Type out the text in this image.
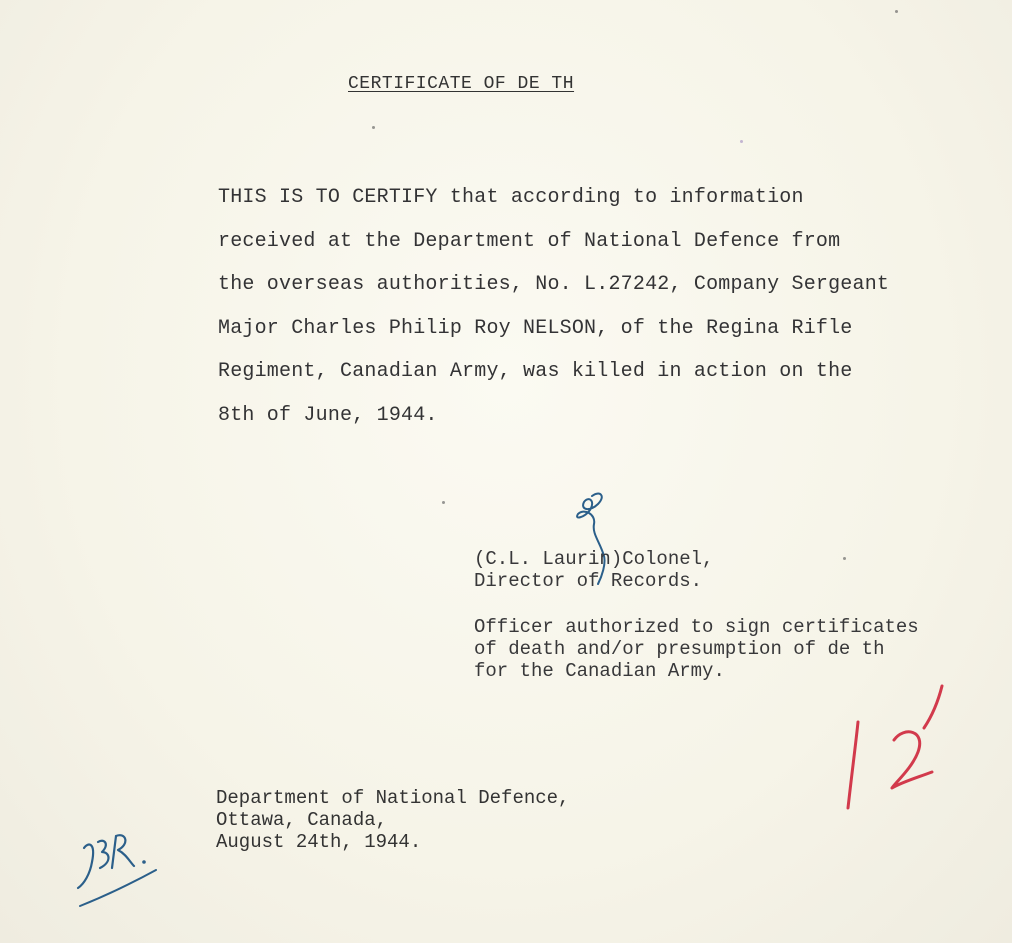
CERTIFICATE OF DE TH
THIS IS TO CERTIFY that according to information
received at the Department of National Defence from
the overseas authorities, No. L.27242, Company Sergeant
Major Charles Philip Roy NELSON, of the Regina Rifle
Regiment, Canadian Army, was killed in action on the
8th of June, 1944.
(C.L. Laurin)Colonel,
Director of Records.
Officer authorized to sign certificates
of death and/or presumption of de th
for the Canadian Army.
Department of National Defence,
Ottawa, Canada,
August 24th, 1944.
